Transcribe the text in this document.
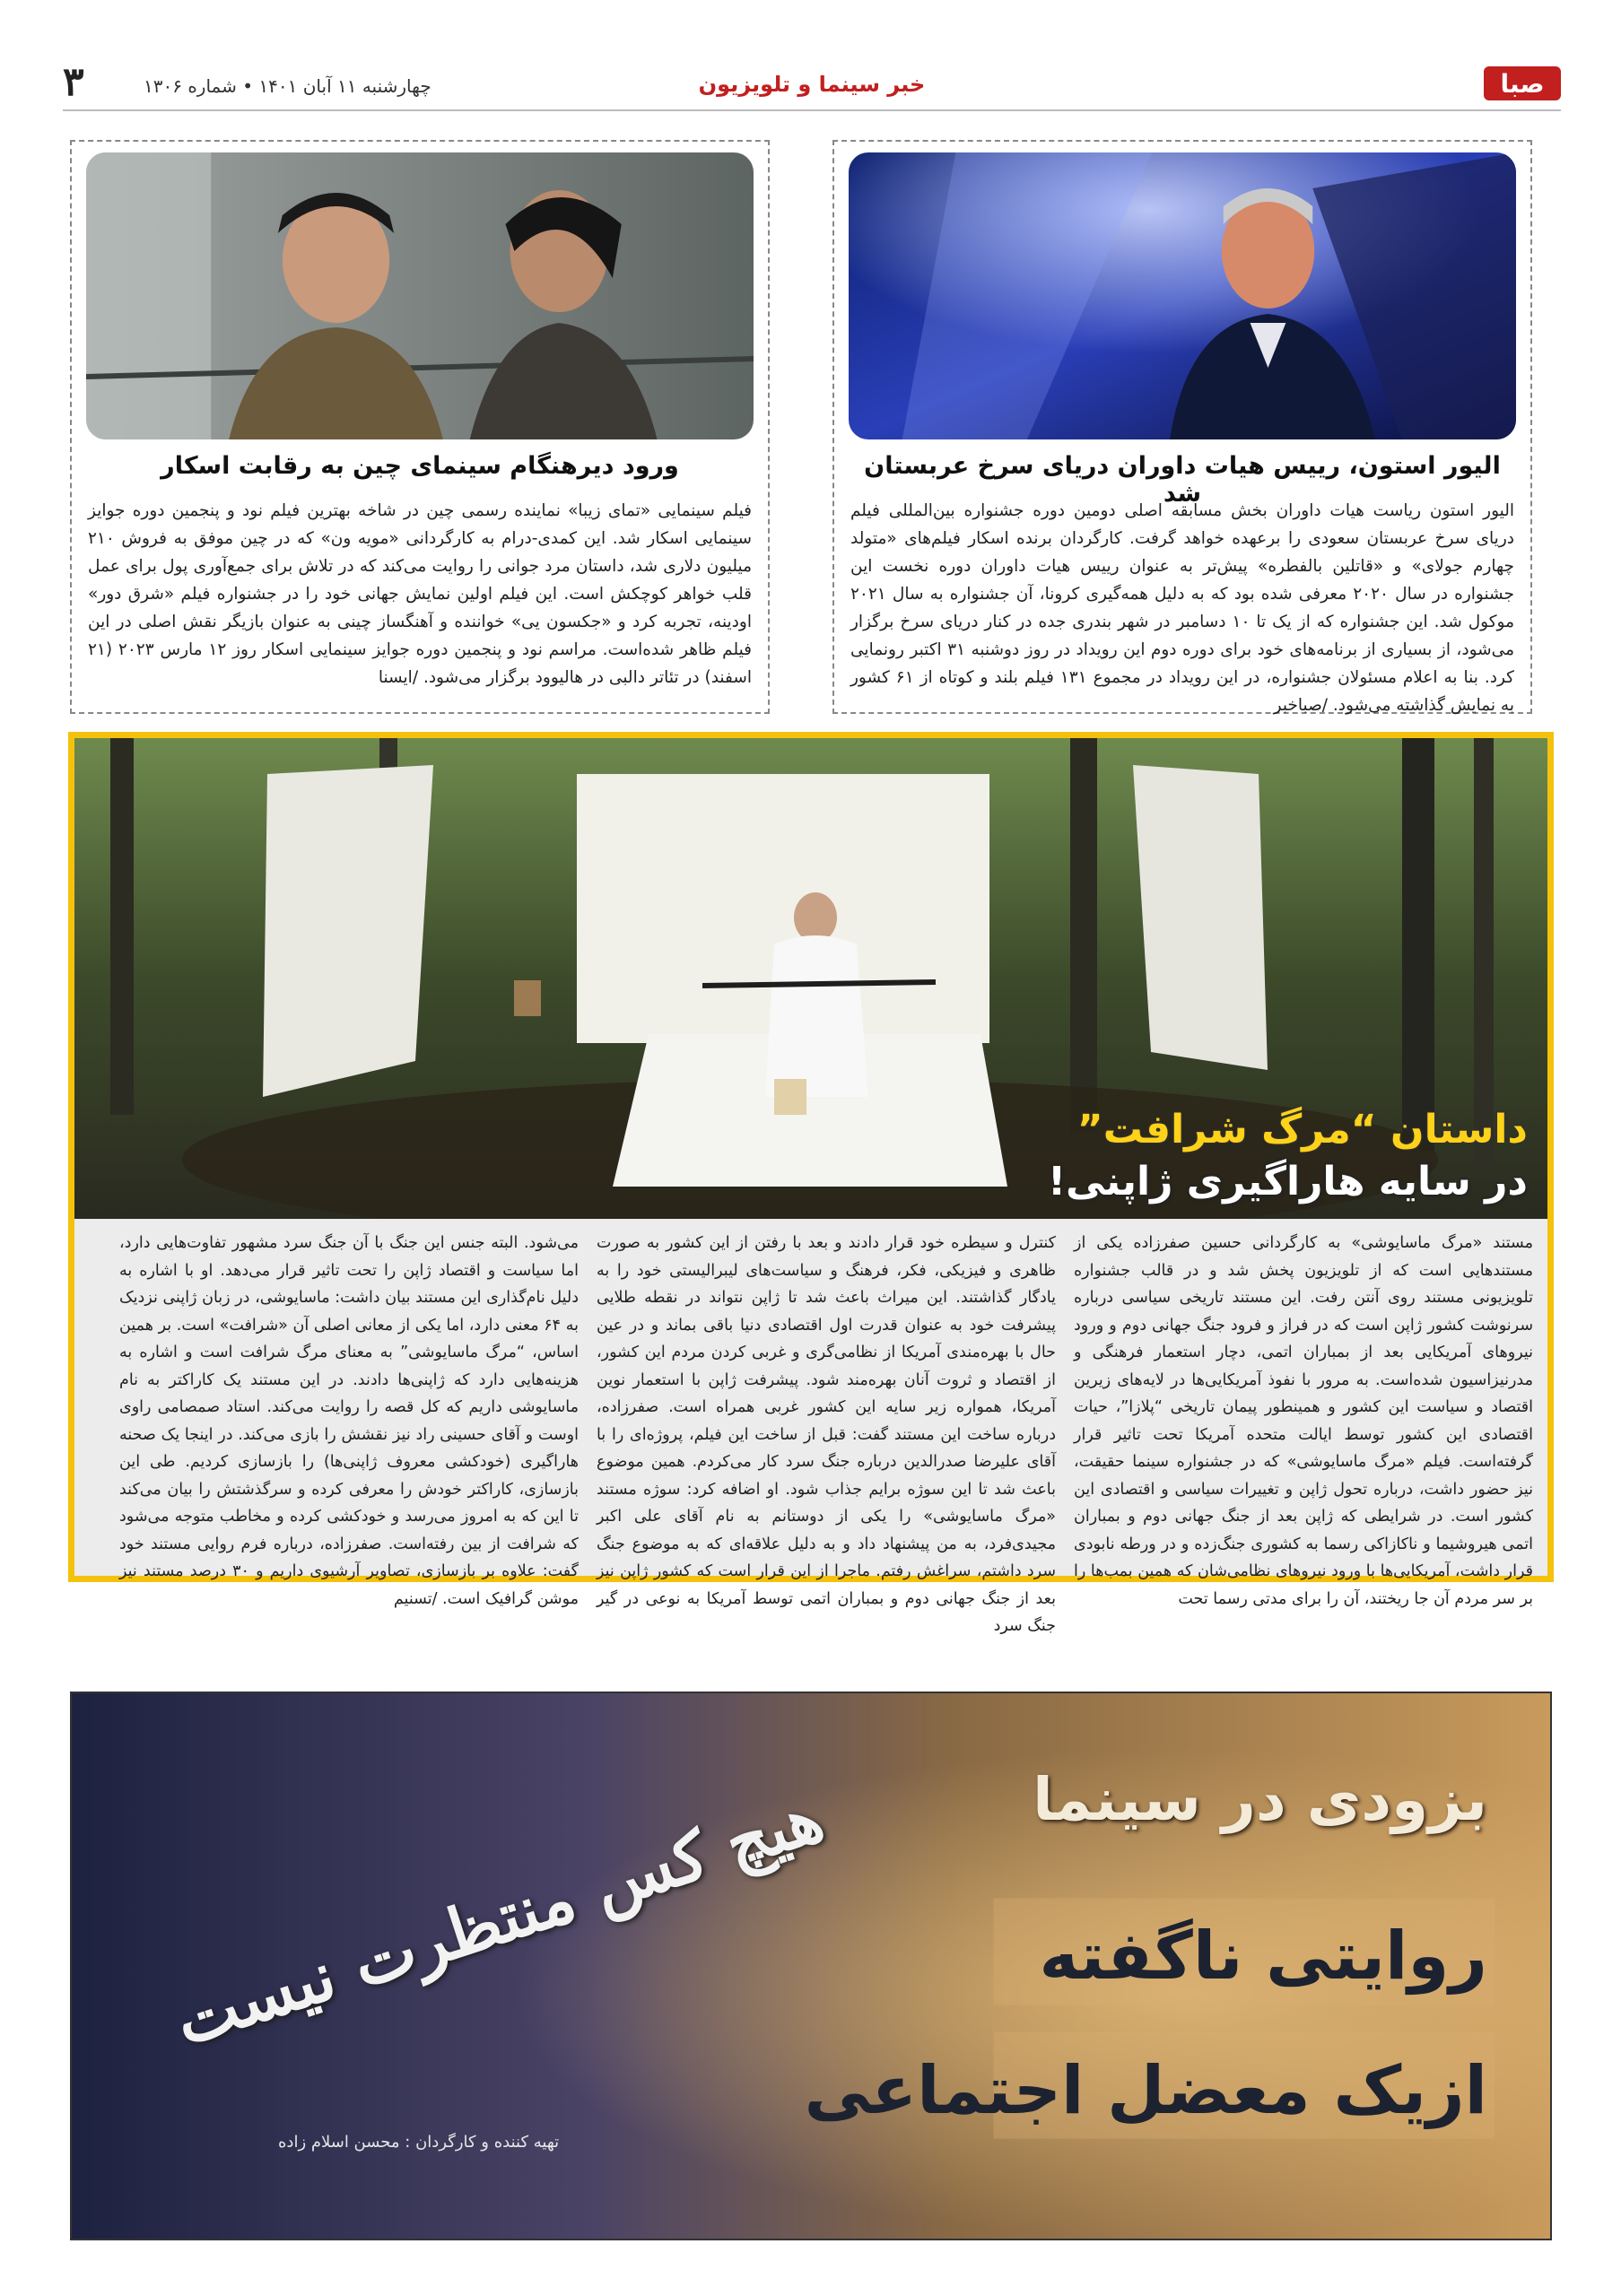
صبا
خبر سینما و تلویزیون
چهارشنبه ۱۱ آبان ۱۴۰۱ • شماره ۱۳۰۶
۳
الیور استون، رییس هیات داوران دریای سرخ عربستان شد
الیور استون ریاست هیات داوران بخش مسابقه اصلی دومین دوره جشنواره بین‌المللی فیلم دریای سرخ عربستان سعودی را برعهده خواهد گرفت. کارگردان برنده اسکار فیلم‌های «متولد چهارم جولای» و «قاتلین بالفطره» پیش‌تر به عنوان رییس هیات داوران دوره نخست این جشنواره در سال ۲۰۲۰ معرفی شده بود که به دلیل همه‌گیری کرونا، آن جشنواره به سال ۲۰۲۱ موکول شد. این جشنواره که از یک تا ۱۰ دسامبر در شهر بندری جده در کنار دریای سرخ برگزار می‌شود، از بسیاری از برنامه‌های خود برای دوره دوم این رویداد در روز دوشنبه ۳۱ اکتبر رونمایی کرد. بنا به اعلام مسئولان جشنواره، در این رویداد در مجموع ۱۳۱ فیلم بلند و کوتاه از ۶۱ کشور به نمایش گذاشته می‌شود. /صباخبر
ورود دیرهنگام سینمای چین به رقابت اسکار
فیلم سینمایی «تمای زیبا» نماینده رسمی چین در شاخه بهترین فیلم نود و پنجمین دوره جوایز سینمایی اسکار شد. این کمدی-درام به کارگردانی «مویه ون» که در چین موفق به فروش ۲۱۰ میلیون دلاری شد، داستان مرد جوانی را روایت می‌کند که در تلاش برای جمع‌آوری پول برای عمل قلب خواهر کوچکش است. این فیلم اولین نمایش جهانی خود را در جشنواره فیلم «شرق دور» اودینه، تجربه کرد و «جکسون یی» خواننده و آهنگساز چینی به عنوان بازیگر نقش اصلی در این فیلم ظاهر شده‌است. مراسم نود و پنجمین دوره جوایز سینمایی اسکار روز ۱۲ مارس ۲۰۲۳ (۲۱ اسفند) در تئاتر دالبی در هالیوود برگزار می‌شود. /ایسنا
داستان “مرگ شرافت”
در سایه هاراگیری ژاپنی!
مستند «مرگ ماسایوشی» به کارگردانی حسین صفرزاده یکی از مستندهایی است که از تلویزیون پخش شد و در قالب جشنواره تلویزیونی مستند روی آنتن رفت. این مستند تاریخی سیاسی درباره سرنوشت کشور ژاپن است که در فراز و فرود جنگ جهانی دوم و ورود نیروهای آمریکایی بعد از بمباران اتمی، دچار استعمار فرهنگی و مدرنیزاسیون شده‌است. به مرور با نفوذ آمریکایی‌ها در لایه‌های زیرین اقتصاد و سیاست این کشور و همینطور پیمان تاریخی “پلازا”، حیات اقتصادی این کشور توسط ایالت متحده آمریکا تحت تاثیر قرار گرفته‌است. فیلم «مرگ ماسایوشی» که در جشنواره سینما حقیقت، نیز حضور داشت، درباره تحول ژاپن و تغییرات سیاسی و اقتصادی این کشور است. در شرایطی که ژاپن بعد از جنگ جهانی دوم و بمباران اتمی هیروشیما و ناکازاکی رسما به کشوری جنگ‌زده و در ورطه نابودی قرار داشت، آمریکایی‌ها با ورود نیروهای نظامی‌شان که همین بمب‌ها را بر سر مردم آن جا ریختند، آن را برای مدتی رسما تحت
کنترل و سیطره خود قرار دادند و بعد با رفتن از این کشور به صورت ظاهری و فیزیکی، فکر، فرهنگ و سیاست‌های لیبرالیستی خود را به یادگار گذاشتند. این میراث باعث شد تا ژاپن نتواند در نقطه طلایی پیشرفت خود به عنوان قدرت اول اقتصادی دنیا باقی بماند و در عین حال با بهره‌مندی آمریکا از نظامی‌گری و غربی کردن مردم این کشور، از اقتصاد و ثروت آنان بهره‌مند شود. پیشرفت ژاپن با استعمار نوین آمریکا، همواره زیر سایه این کشور غربی همراه است. صفرزاده، درباره ساخت این مستند گفت: قبل از ساخت این فیلم، پروژه‌ای را با آقای علیرضا صدرالدین درباره جنگ سرد کار می‌کردم. همین موضوع باعث شد تا این سوژه برایم جذاب شود. او اضافه کرد: سوژه مستند «مرگ ماسایوشی» را یکی از دوستانم به نام آقای علی اکبر مجیدی‌فرد، به من پیشنهاد داد و به دلیل علاقه‌ای که به موضوع جنگ سرد داشتم، سراغش رفتم. ماجرا از این قرار است که کشور ژاپن نیز بعد از جنگ جهانی دوم و بمباران اتمی توسط آمریکا به نوعی در گیر جنگ سرد
می‌شود. البته جنس این جنگ با آن جنگ سرد مشهور تفاوت‌هایی دارد، اما سیاست و اقتصاد ژاپن را تحت تاثیر قرار می‌دهد. او با اشاره به دلیل نام‌گذاری این مستند بیان داشت: ماسایوشی، در زبان ژاپنی نزدیک به ۶۴ معنی دارد، اما یکی از معانی اصلی آن «شرافت» است. بر همین اساس، “مرگ ماسایوشی” به معنای مرگ شرافت است و اشاره به هزینه‌هایی دارد که ژاپنی‌ها دادند. در این مستند یک کاراکتر به نام ماسایوشی داریم که کل قصه را روایت می‌کند. استاد صمصامی راوی اوست و آقای حسینی راد نیز نقشش را بازی می‌کند. در اینجا یک صحنه هاراگیری (خودکشی معروف ژاپنی‌ها) را بازسازی کردیم. طی این بازسازی، کاراکتر خودش را معرفی کرده و سرگذشتش را بیان می‌کند تا این که به امروز می‌رسد و خودکشی کرده و مخاطب متوجه می‌شود که شرافت از بین رفته‌است. صفرزاده، درباره فرم روایی مستند خود گفت: علاوه بر بازسازی، تصاویر آرشیوی داریم و ۳۰ درصد مستند نیز موشن گرافیک است. /تسنیم
بزودی در سینما
روایتی ناگفته
ازیک معضل اجتماعی
هیچ کس منتظرت نیست
تهیه کننده و کارگردان : محسن اسلام زاده
